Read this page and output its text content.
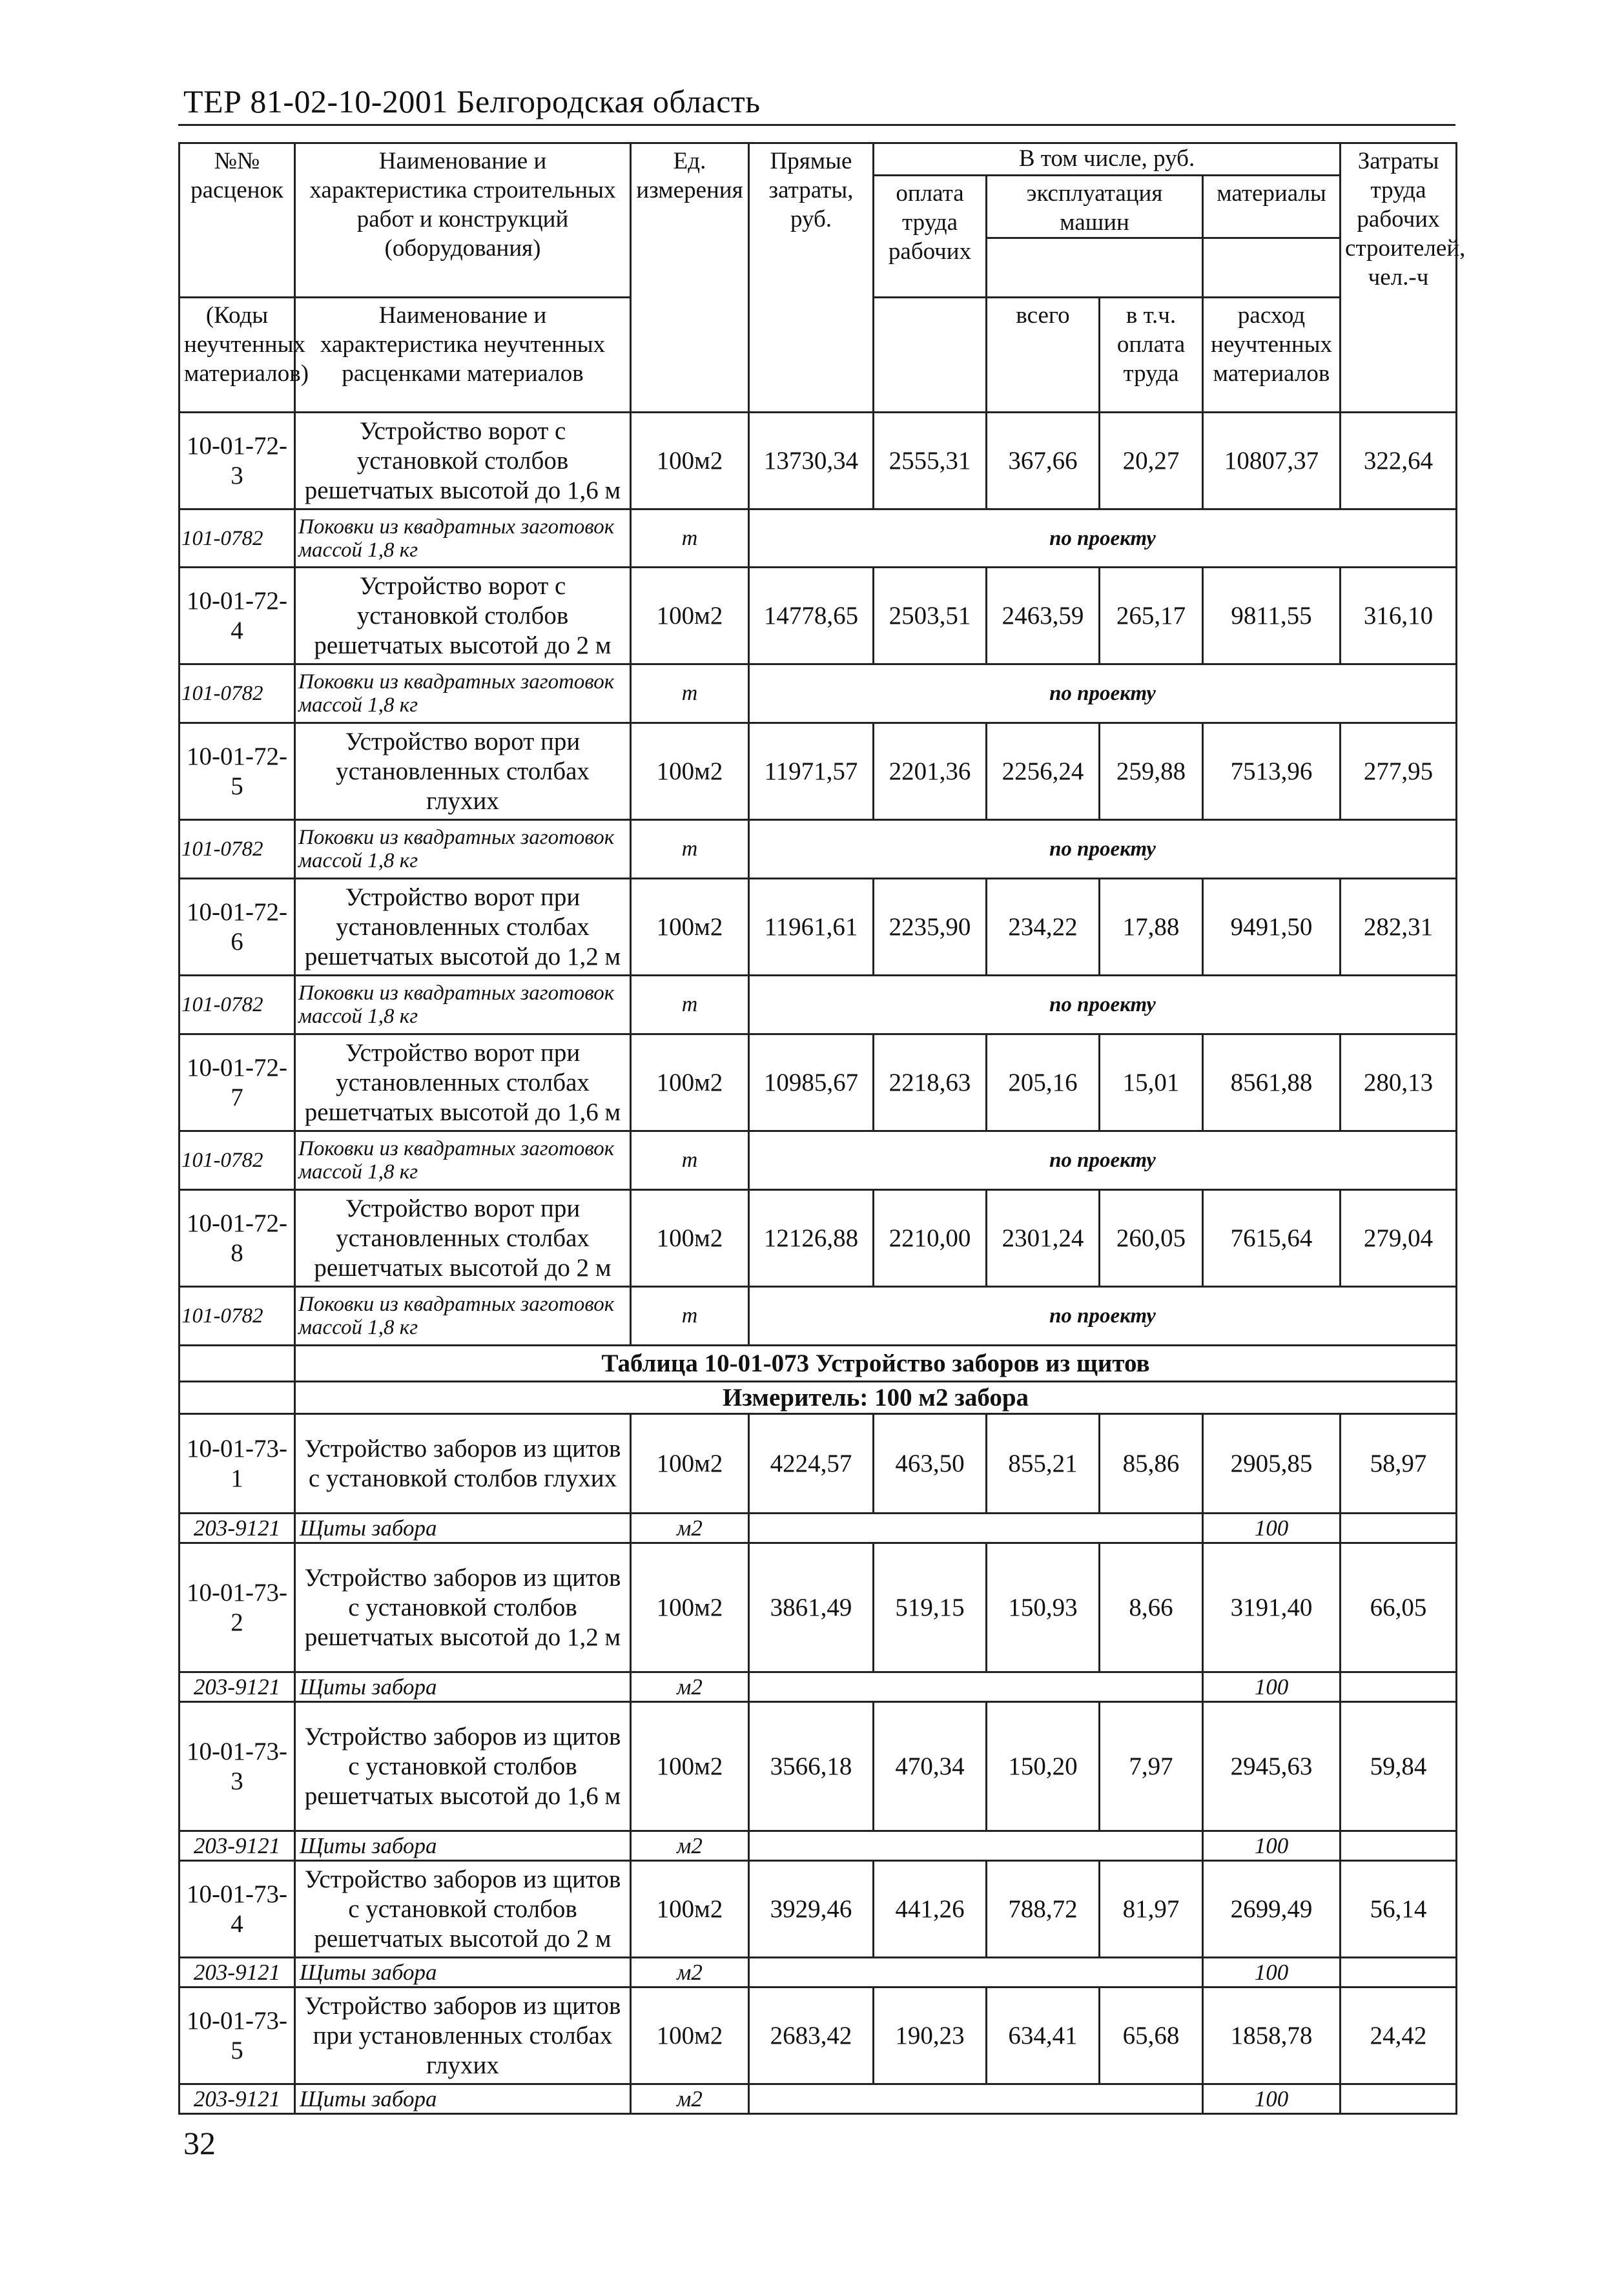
ТЕР 81-02-10-2001 Белгородская область
№№ расценок	Наименование и характеристика строительных работ и конструкций (оборудования)	Ед. измерения	Прямые затраты, руб.	В том числе, руб.				Затраты труда рабочих строителей, чел.-ч
				оплата труда рабочих	эксплуатация машин		материалы	

(Коды неучтенных материалов)	Наименование и характеристика неучтенных расценками материалов				всего	в т.ч. оплата труда	расход неучтенных материалов	

10-01-72-3	Устройство ворот с установкой столбов решетчатых высотой до 1,6 м	100м2	13730,34	2555,31	367,66	20,27	10807,37	322,64
101-0782	Поковки из квадратных заготовок массой 1,8 кг	т	по проекту					
10-01-72-4	Устройство ворот с установкой столбов решетчатых высотой до 2 м	100м2	14778,65	2503,51	2463,59	265,17	9811,55	316,10
101-0782	Поковки из квадратных заготовок массой 1,8 кг	т	по проекту					
10-01-72-5	Устройство ворот при установленных столбах глухих	100м2	11971,57	2201,36	2256,24	259,88	7513,96	277,95
101-0782	Поковки из квадратных заготовок массой 1,8 кг	т	по проекту					
10-01-72-6	Устройство ворот при установленных столбах решетчатых высотой до 1,2 м	100м2	11961,61	2235,90	234,22	17,88	9491,50	282,31
101-0782	Поковки из квадратных заготовок массой 1,8 кг	т	по проекту					
10-01-72-7	Устройство ворот при установленных столбах решетчатых высотой до 1,6 м	100м2	10985,67	2218,63	205,16	15,01	8561,88	280,13
101-0782	Поковки из квадратных заготовок массой 1,8 кг	т	по проекту					
10-01-72-8	Устройство ворот при установленных столбах решетчатых высотой до 2 м	100м2	12126,88	2210,00	2301,24	260,05	7615,64	279,04
101-0782	Поковки из квадратных заготовок массой 1,8 кг	т	по проекту					
	Таблица 10-01-073 Устройство заборов из щитов							
	Измеритель: 100 м2 забора							
10-01-73-1	Устройство заборов из щитов с установкой столбов глухих	100м2	4224,57	463,50	855,21	85,86	2905,85	58,97
203-9121	Щиты забора	м2					100	
10-01-73-2	Устройство заборов из щитов с установкой столбов решетчатых высотой до 1,2 м	100м2	3861,49	519,15	150,93	8,66	3191,40	66,05
203-9121	Щиты забора	м2					100	
10-01-73-3	Устройство заборов из щитов с установкой столбов решетчатых высотой до 1,6 м	100м2	3566,18	470,34	150,20	7,97	2945,63	59,84
203-9121	Щиты забора	м2					100	
10-01-73-4	Устройство заборов из щитов с установкой столбов решетчатых высотой до 2 м	100м2	3929,46	441,26	788,72	81,97	2699,49	56,14
203-9121	Щиты забора	м2					100	
10-01-73-5	Устройство заборов из щитов при установленных столбах глухих	100м2	2683,42	190,23	634,41	65,68	1858,78	24,42
203-9121	Щиты забора	м2					100	
32
